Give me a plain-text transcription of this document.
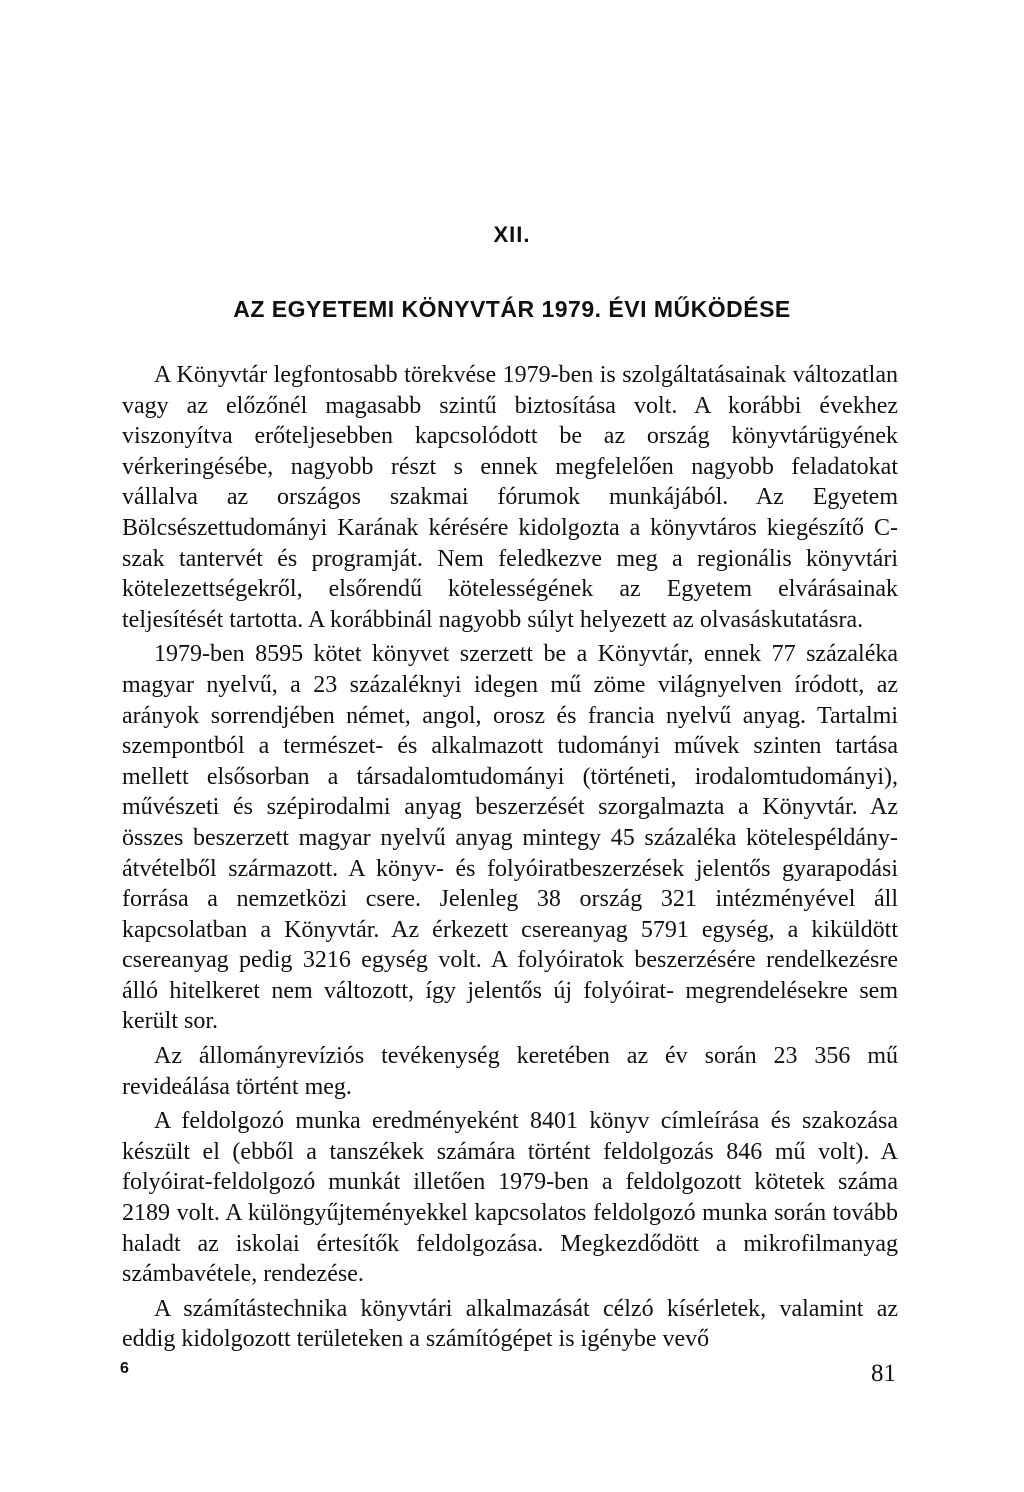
XII.
AZ EGYETEMI KÖNYVTÁR 1979. ÉVI MŰKÖDÉSE

A Könyvtár legfontosabb törekvése 1979-ben is szolgáltatásainak változatlan vagy az előzőnél magasabb szintű biztosítása volt. A korábbi évekhez viszonyítva erőteljesebben kapcsolódott be az ország könyvtárügyének vérkeringésébe, nagyobb részt s ennek megfelelően nagyobb feladatokat vállalva az országos szakmai fórumok munkájából. Az Egyetem Bölcsészettudományi Karának kérésére kidolgozta a könyvtáros kiegészítő C-szak tantervét és programját. Nem feledkezve meg a regionális könyvtári kötelezettségekről, elsőrendű kötelességének az Egyetem elvárásainak teljesítését tartotta. A korábbinál nagyobb súlyt helyezett az olvasáskutatásra.

1979-ben 8595 kötet könyvet szerzett be a Könyvtár, ennek 77 százaléka magyar nyelvű, a 23 százaléknyi idegen mű zöme világnyelven íródott, az arányok sorrendjében német, angol, orosz és francia nyelvű anyag. Tartalmi szempontból a természet- és alkalmazott tudományi művek szinten tartása mellett elsősorban a társadalomtudományi (történeti, irodalomtudományi), művészeti és szépirodalmi anyag beszerzését szorgalmazta a Könyvtár. Az összes beszerzett magyar nyelvű anyag mintegy 45 százaléka kötelespéldány-átvételből származott. A könyv- és folyóiratbeszerzések jelentős gyarapodási forrása a nemzetközi csere. Jelenleg 38 ország 321 intézményével áll kapcsolatban a Könyvtár. Az érkezett csereanyag 5791 egység, a kiküldött csereanyag pedig 3216 egység volt. A folyóiratok beszerzésére rendelkezésre álló hitelkeret nem változott, így jelentős új folyóirat- megrendelésekre sem került sor.

Az állományrevíziós tevékenység keretében az év során 23 356 mű revideálása történt meg.

A feldolgozó munka eredményeként 8401 könyv címleírása és szakozása készült el (ebből a tanszékek számára történt feldolgozás 846 mű volt). A folyóirat-feldolgozó munkát illetően 1979-ben a feldolgozott kötetek száma 2189 volt. A különgyűjteményekkel kapcsolatos feldolgozó munka során tovább haladt az iskolai értesítők feldolgozása. Megkezdődött a mikrofilmanyag számbavétele, rendezése.

A számítástechnika könyvtári alkalmazását célzó kísérletek, valamint az eddig kidolgozott területeken a számítógépet is igénybe vevő

6	81
